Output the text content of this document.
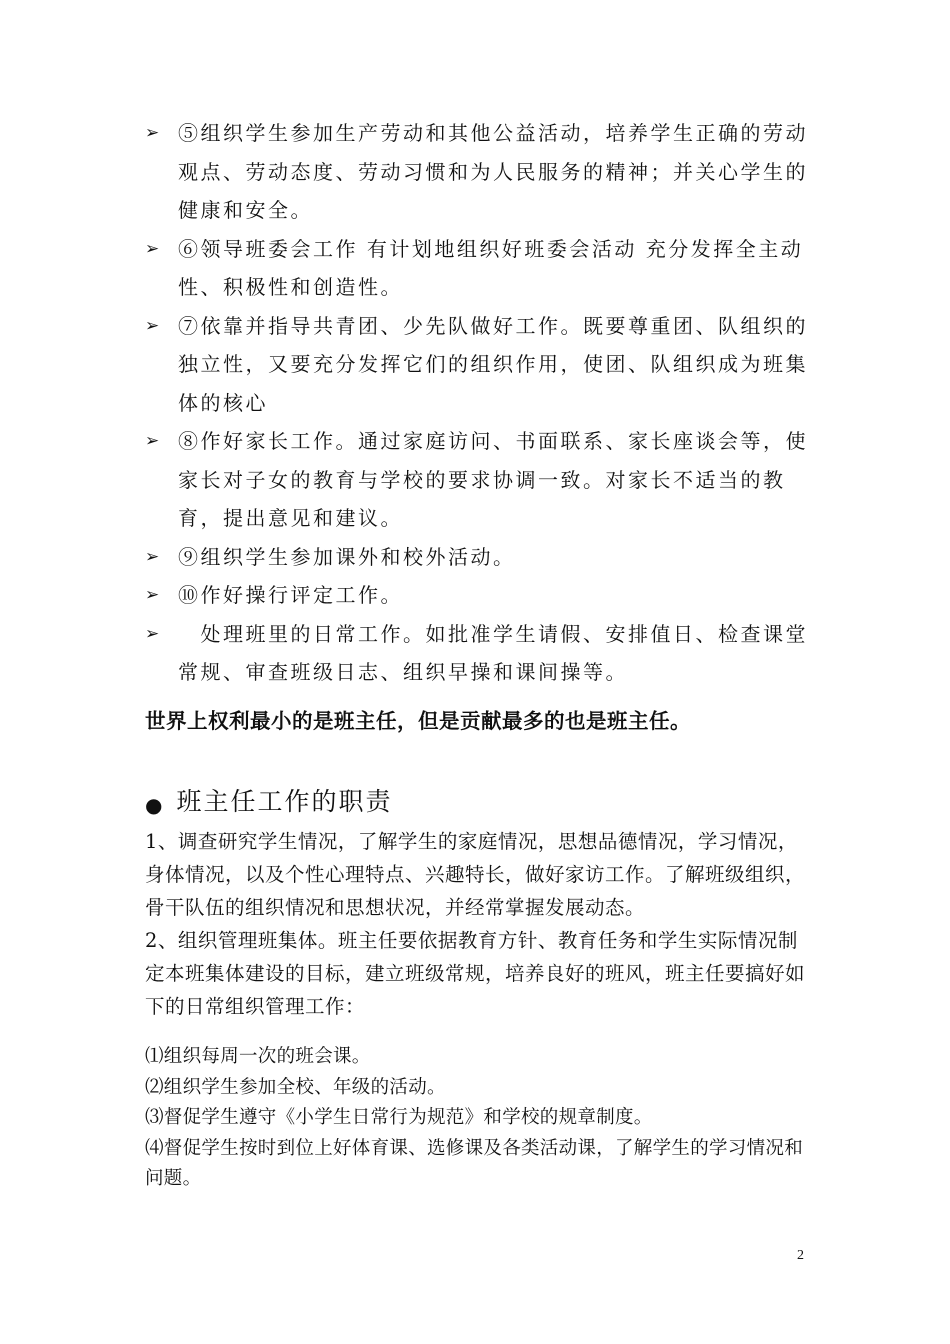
➢ ⑤组织学生参加生产劳动和其他公益活动，培养学生正确的劳动观点、劳动态度、劳动习惯和为人民服务的精神；并关心学生的健康和安全。
➢ ⑥领导班委会工作 有计划地组织好班委会活动 充分发挥全主动性、积极性和创造性。
➢ ⑦依靠并指导共青团、少先队做好工作。既要尊重团、队组织的独立性，又要充分发挥它们的组织作用，使团、队组织成为班集体的核心
➢ ⑧作好家长工作。通过家庭访问、书面联系、家长座谈会等，使家长对子女的教育与学校的要求协调一致。对家长不适当的教育，提出意见和建议。
➢ ⑨组织学生参加课外和校外活动。
➢ ⑩作好操行评定工作。
➢ 　处理班里的日常工作。如批准学生请假、安排值日、检查课堂常规、审查班级日志、组织早操和课间操等。
世界上权利最小的是班主任，但是贡献最多的也是班主任。
● 班主任工作的职责

1、调查研究学生情况，了解学生的家庭情况，思想品德情况，学习情况，身体情况，以及个性心理特点、兴趣特长，做好家访工作。了解班级组织，骨干队伍的组织情况和思想状况，并经常掌握发展动态。

2、组织管理班集体。班主任要依据教育方针、教育任务和学生实际情况制定本班集体建设的目标，建立班级常规，培养良好的班风，班主任要搞好如下的日常组织管理工作：

⑴组织每周一次的班会课。

⑵组织学生参加全校、年级的活动。

⑶督促学生遵守《小学生日常行为规范》和学校的规章制度。

⑷督促学生按时到位上好体育课、选修课及各类活动课，了解学生的学习情况和问题。

2
